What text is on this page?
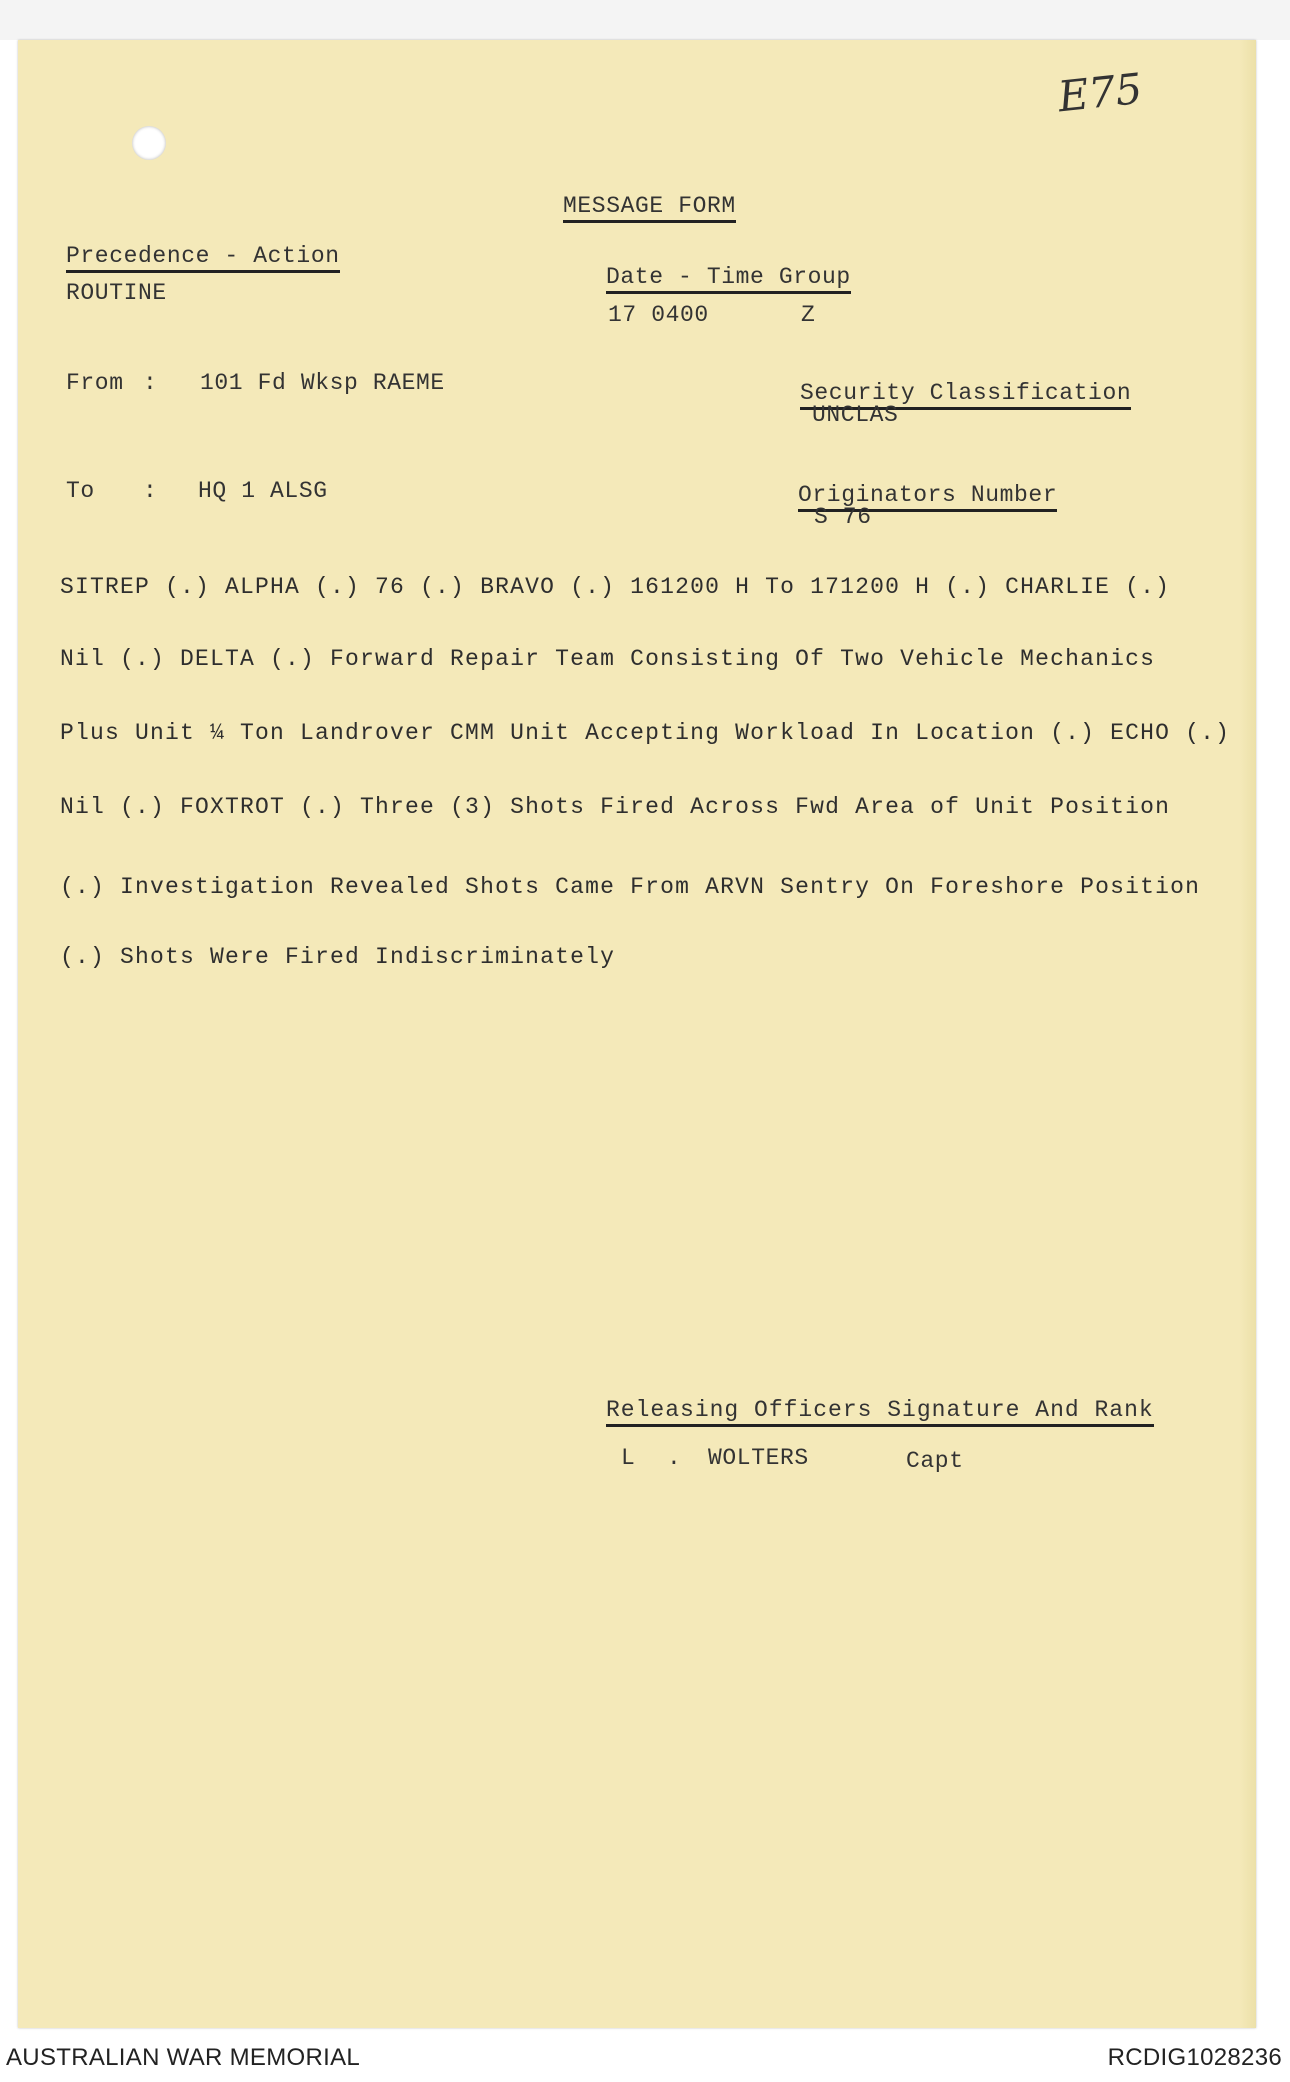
E75
MESSAGE FORM
Precedence - Action
ROUTINE
Date - Time Group
17 0400	Z
From : 101 Fd Wksp RAEME	Security Classification
UNCLAS
To : HQ 1 ALSG	Originators Number
S 76
SITREP (.) ALPHA (.) 76 (.) BRAVO (.) 161200 H To 171200 H (.) CHARLIE (.)
Nil (.) DELTA (.) Forward Repair Team Consisting Of Two Vehicle Mechanics
Plus Unit ¼ Ton Landrover CMM Unit Accepting Workload In Location (.) ECHO (.)
Nil (.) FOXTROT (.) Three (3) Shots Fired Across Fwd Area of Unit Position
(.) Investigation Revealed Shots Came From ARVN Sentry On Foreshore Position
(.) Shots Were Fired Indiscriminately
Releasing Officers Signature And Rank
L . WOLTERS	Capt
AUSTRALIAN WAR MEMORIAL	RCDIG1028236
